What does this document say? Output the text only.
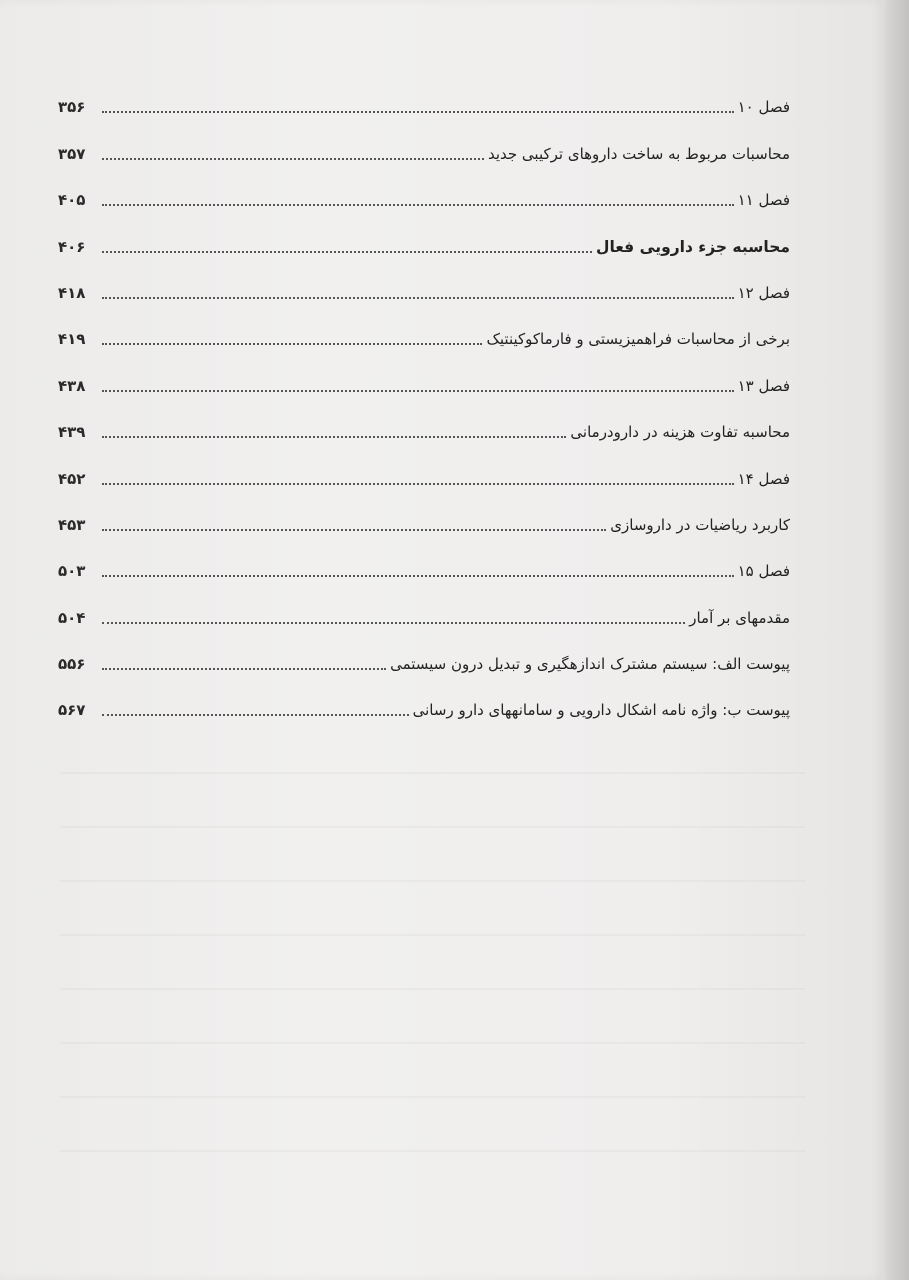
فصل ۱۰
۳۵۶
محاسبات مربوط به ساخت داروهای ترکیبی جدید
۳۵۷
فصل ۱۱
۴۰۵
محاسبه جزء دارویی فعال
۴۰۶
فصل ۱۲
۴۱۸
برخی از محاسبات فراهمیزیستی و فارماکوکینتیک
۴۱۹
فصل ۱۳
۴۳۸
محاسبه تفاوت هزینه در دارودرمانی
۴۳۹
فصل ۱۴
۴۵۲
کاربرد ریاضیات در داروسازی
۴۵۳
فصل ۱۵
۵۰۳
مقدمهای بر آمار
۵۰۴
پیوست الف: سیستم مشترک اندازهگیری و تبدیل درون سیستمی
۵۵۶
پیوست ب: واژه نامه اشکال دارویی و سامانههای دارو رسانی
۵۶۷
